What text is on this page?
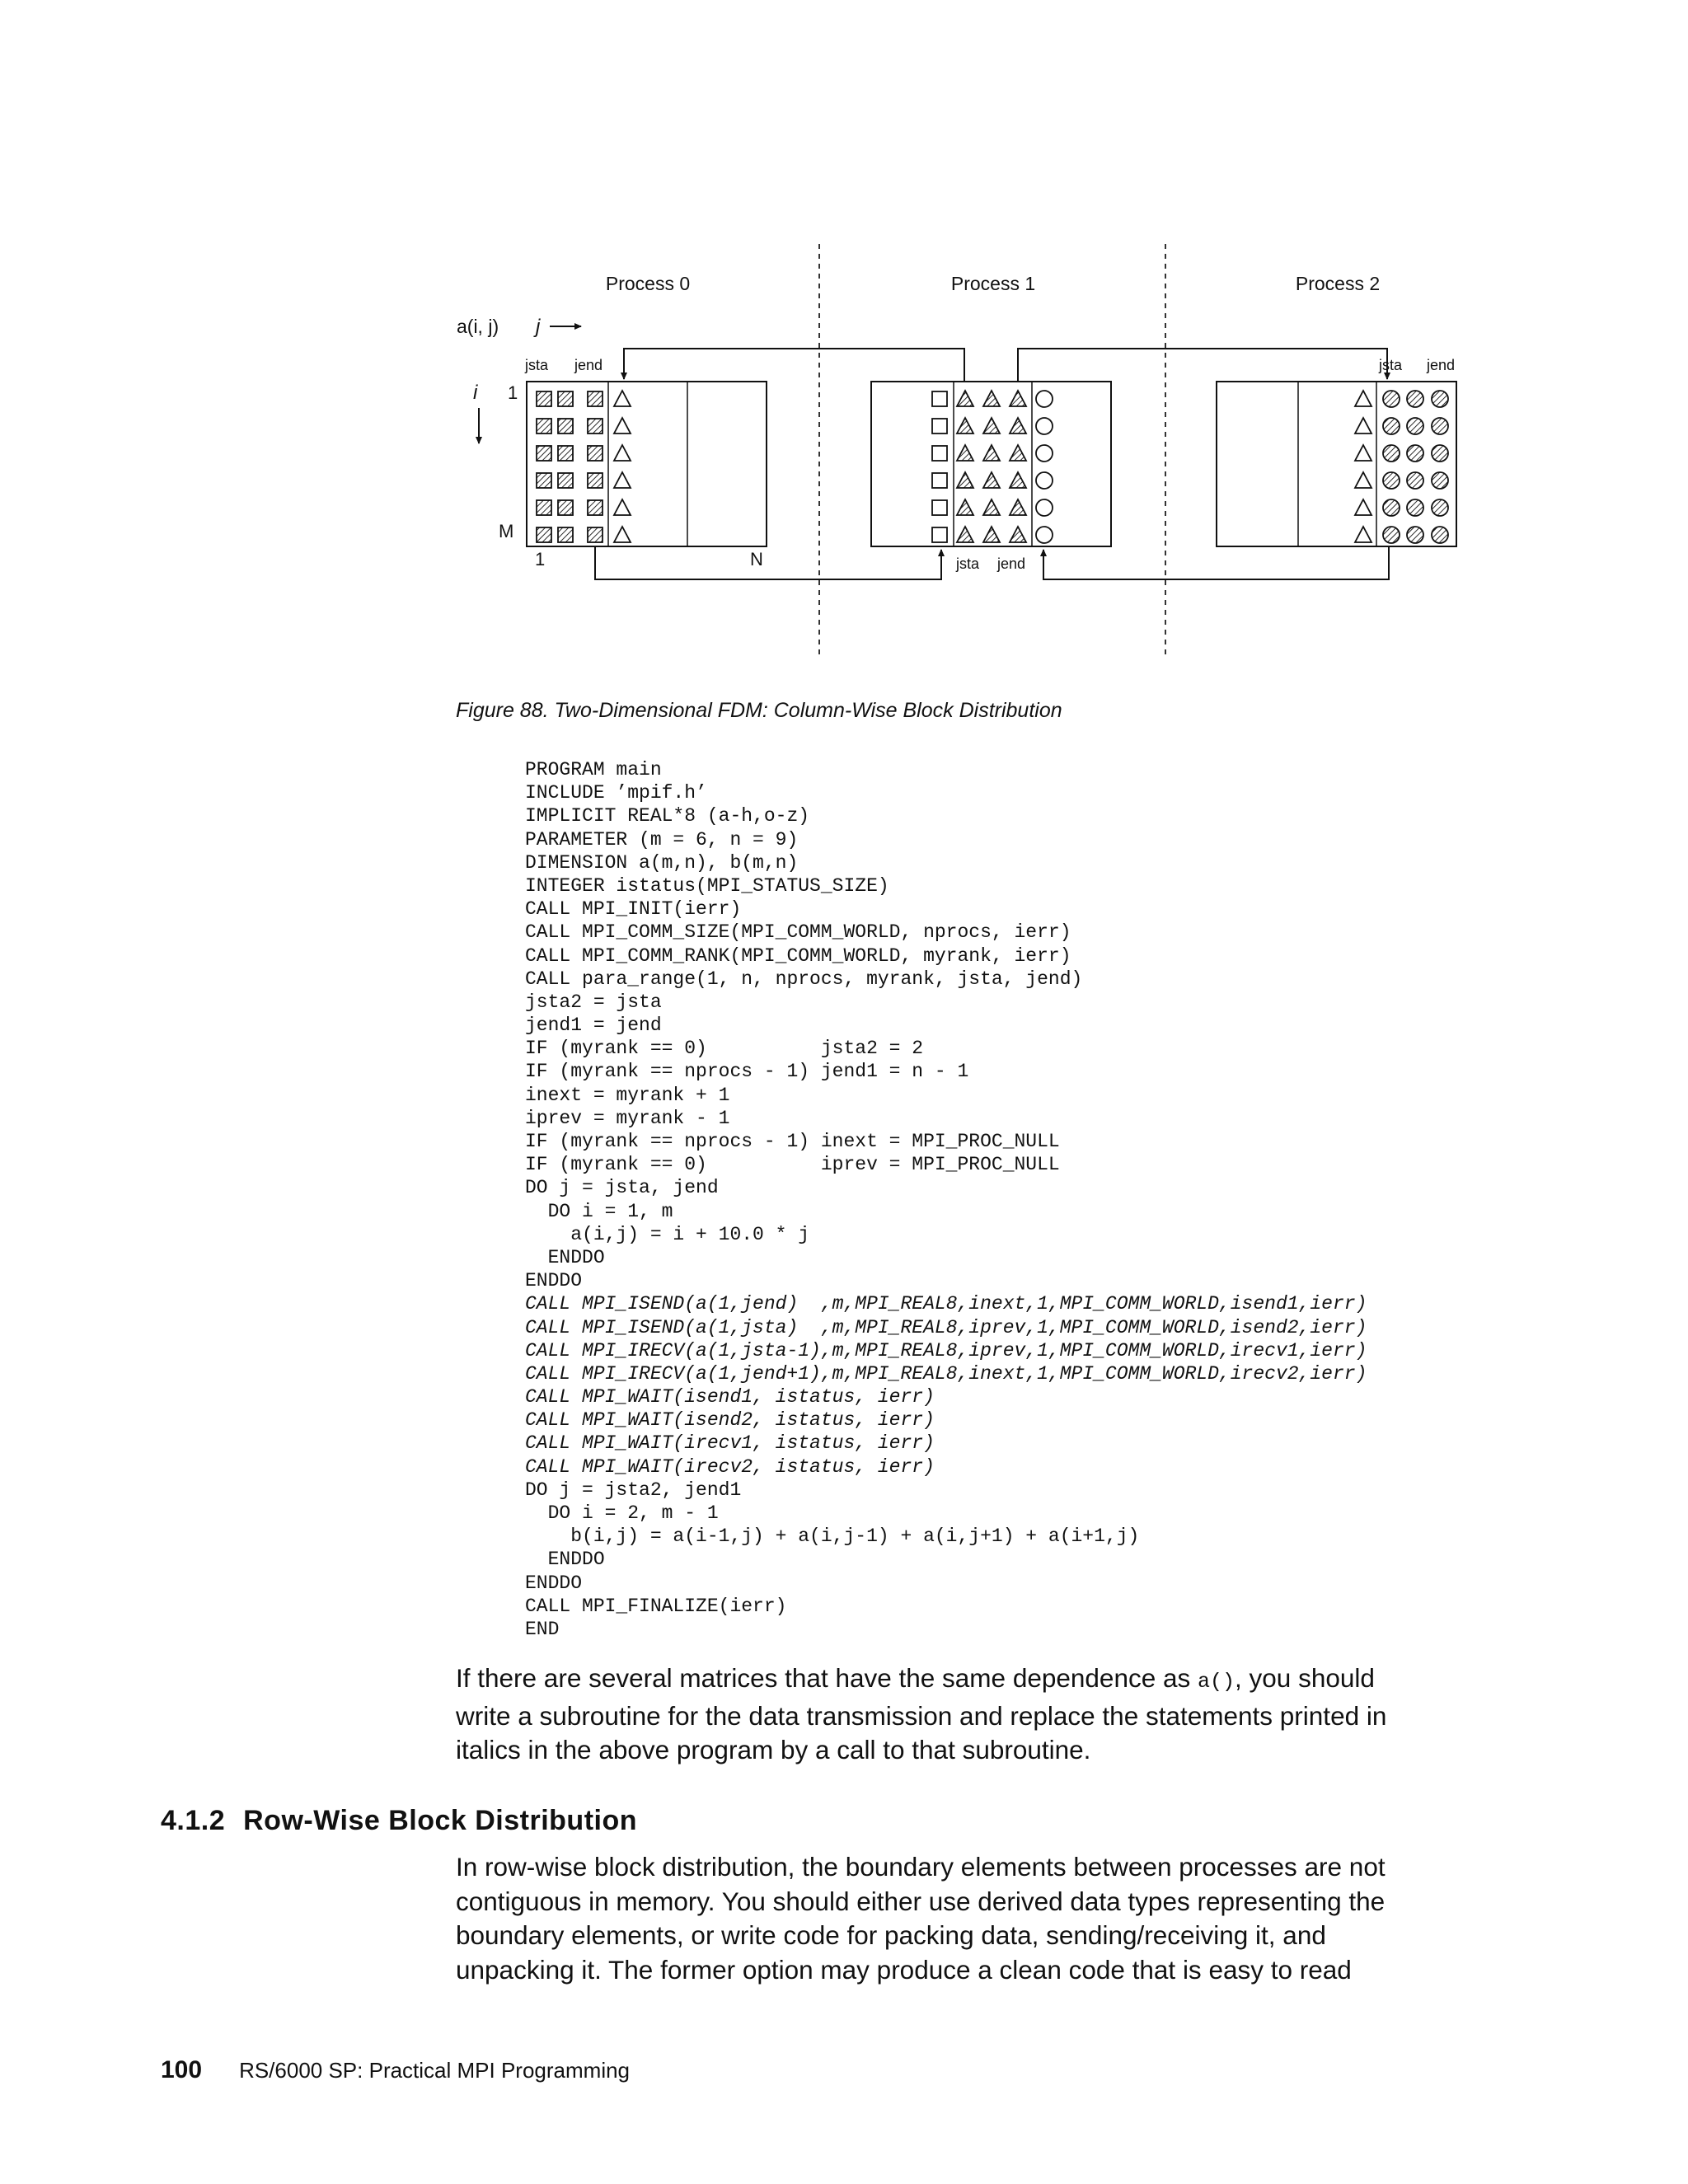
Process 0	Process 1	Process 2
a(i, j) j
i 1
M
1	N
jsta jend
jsta jend
jsta jend
Figure 88. Two-Dimensional FDM: Column-Wise Block Distribution
PROGRAM main
INCLUDE ’mpif.h’
IMPLICIT REAL*8 (a-h,o-z)
PARAMETER (m = 6, n = 9)
DIMENSION a(m,n), b(m,n)
INTEGER istatus(MPI_STATUS_SIZE)
CALL MPI_INIT(ierr)
CALL MPI_COMM_SIZE(MPI_COMM_WORLD, nprocs, ierr)
CALL MPI_COMM_RANK(MPI_COMM_WORLD, myrank, ierr)
CALL para_range(1, n, nprocs, myrank, jsta, jend)
jsta2 = jsta
jend1 = jend
IF (myrank == 0)          jsta2 = 2
IF (myrank == nprocs - 1) jend1 = n - 1
inext = myrank + 1
iprev = myrank - 1
IF (myrank == nprocs - 1) inext = MPI_PROC_NULL
IF (myrank == 0)          iprev = MPI_PROC_NULL
DO j = jsta, jend
DO i = 1, m
a(i,j) = i + 10.0 * j
ENDDO
ENDDO
CALL MPI_ISEND(a(1,jend)  ,m,MPI_REAL8,inext,1,MPI_COMM_WORLD,isend1,ierr)
CALL MPI_ISEND(a(1,jsta)  ,m,MPI_REAL8,iprev,1,MPI_COMM_WORLD,isend2,ierr)
CALL MPI_IRECV(a(1,jsta-1),m,MPI_REAL8,iprev,1,MPI_COMM_WORLD,irecv1,ierr)
CALL MPI_IRECV(a(1,jend+1),m,MPI_REAL8,inext,1,MPI_COMM_WORLD,irecv2,ierr)
CALL MPI_WAIT(isend1, istatus, ierr)
CALL MPI_WAIT(isend2, istatus, ierr)
CALL MPI_WAIT(irecv1, istatus, ierr)
CALL MPI_WAIT(irecv2, istatus, ierr)
DO j = jsta2, jend1
DO i = 2, m - 1
b(i,j) = a(i-1,j) + a(i,j-1) + a(i,j+1) + a(i+1,j)
ENDDO
ENDDO
CALL MPI_FINALIZE(ierr)
END
If there are several matrices that have the same dependence as a(), you should
write a subroutine for the data transmission and replace the statements printed in
italics in the above program by a call to that subroutine.
4.1.2 Row-Wise Block Distribution
In row-wise block distribution, the boundary elements between processes are not
contiguous in memory. You should either use derived data types representing the
boundary elements, or write code for packing data, sending/receiving it, and
unpacking it. The former option may produce a clean code that is easy to read
100 RS/6000 SP: Practical MPI Programming
